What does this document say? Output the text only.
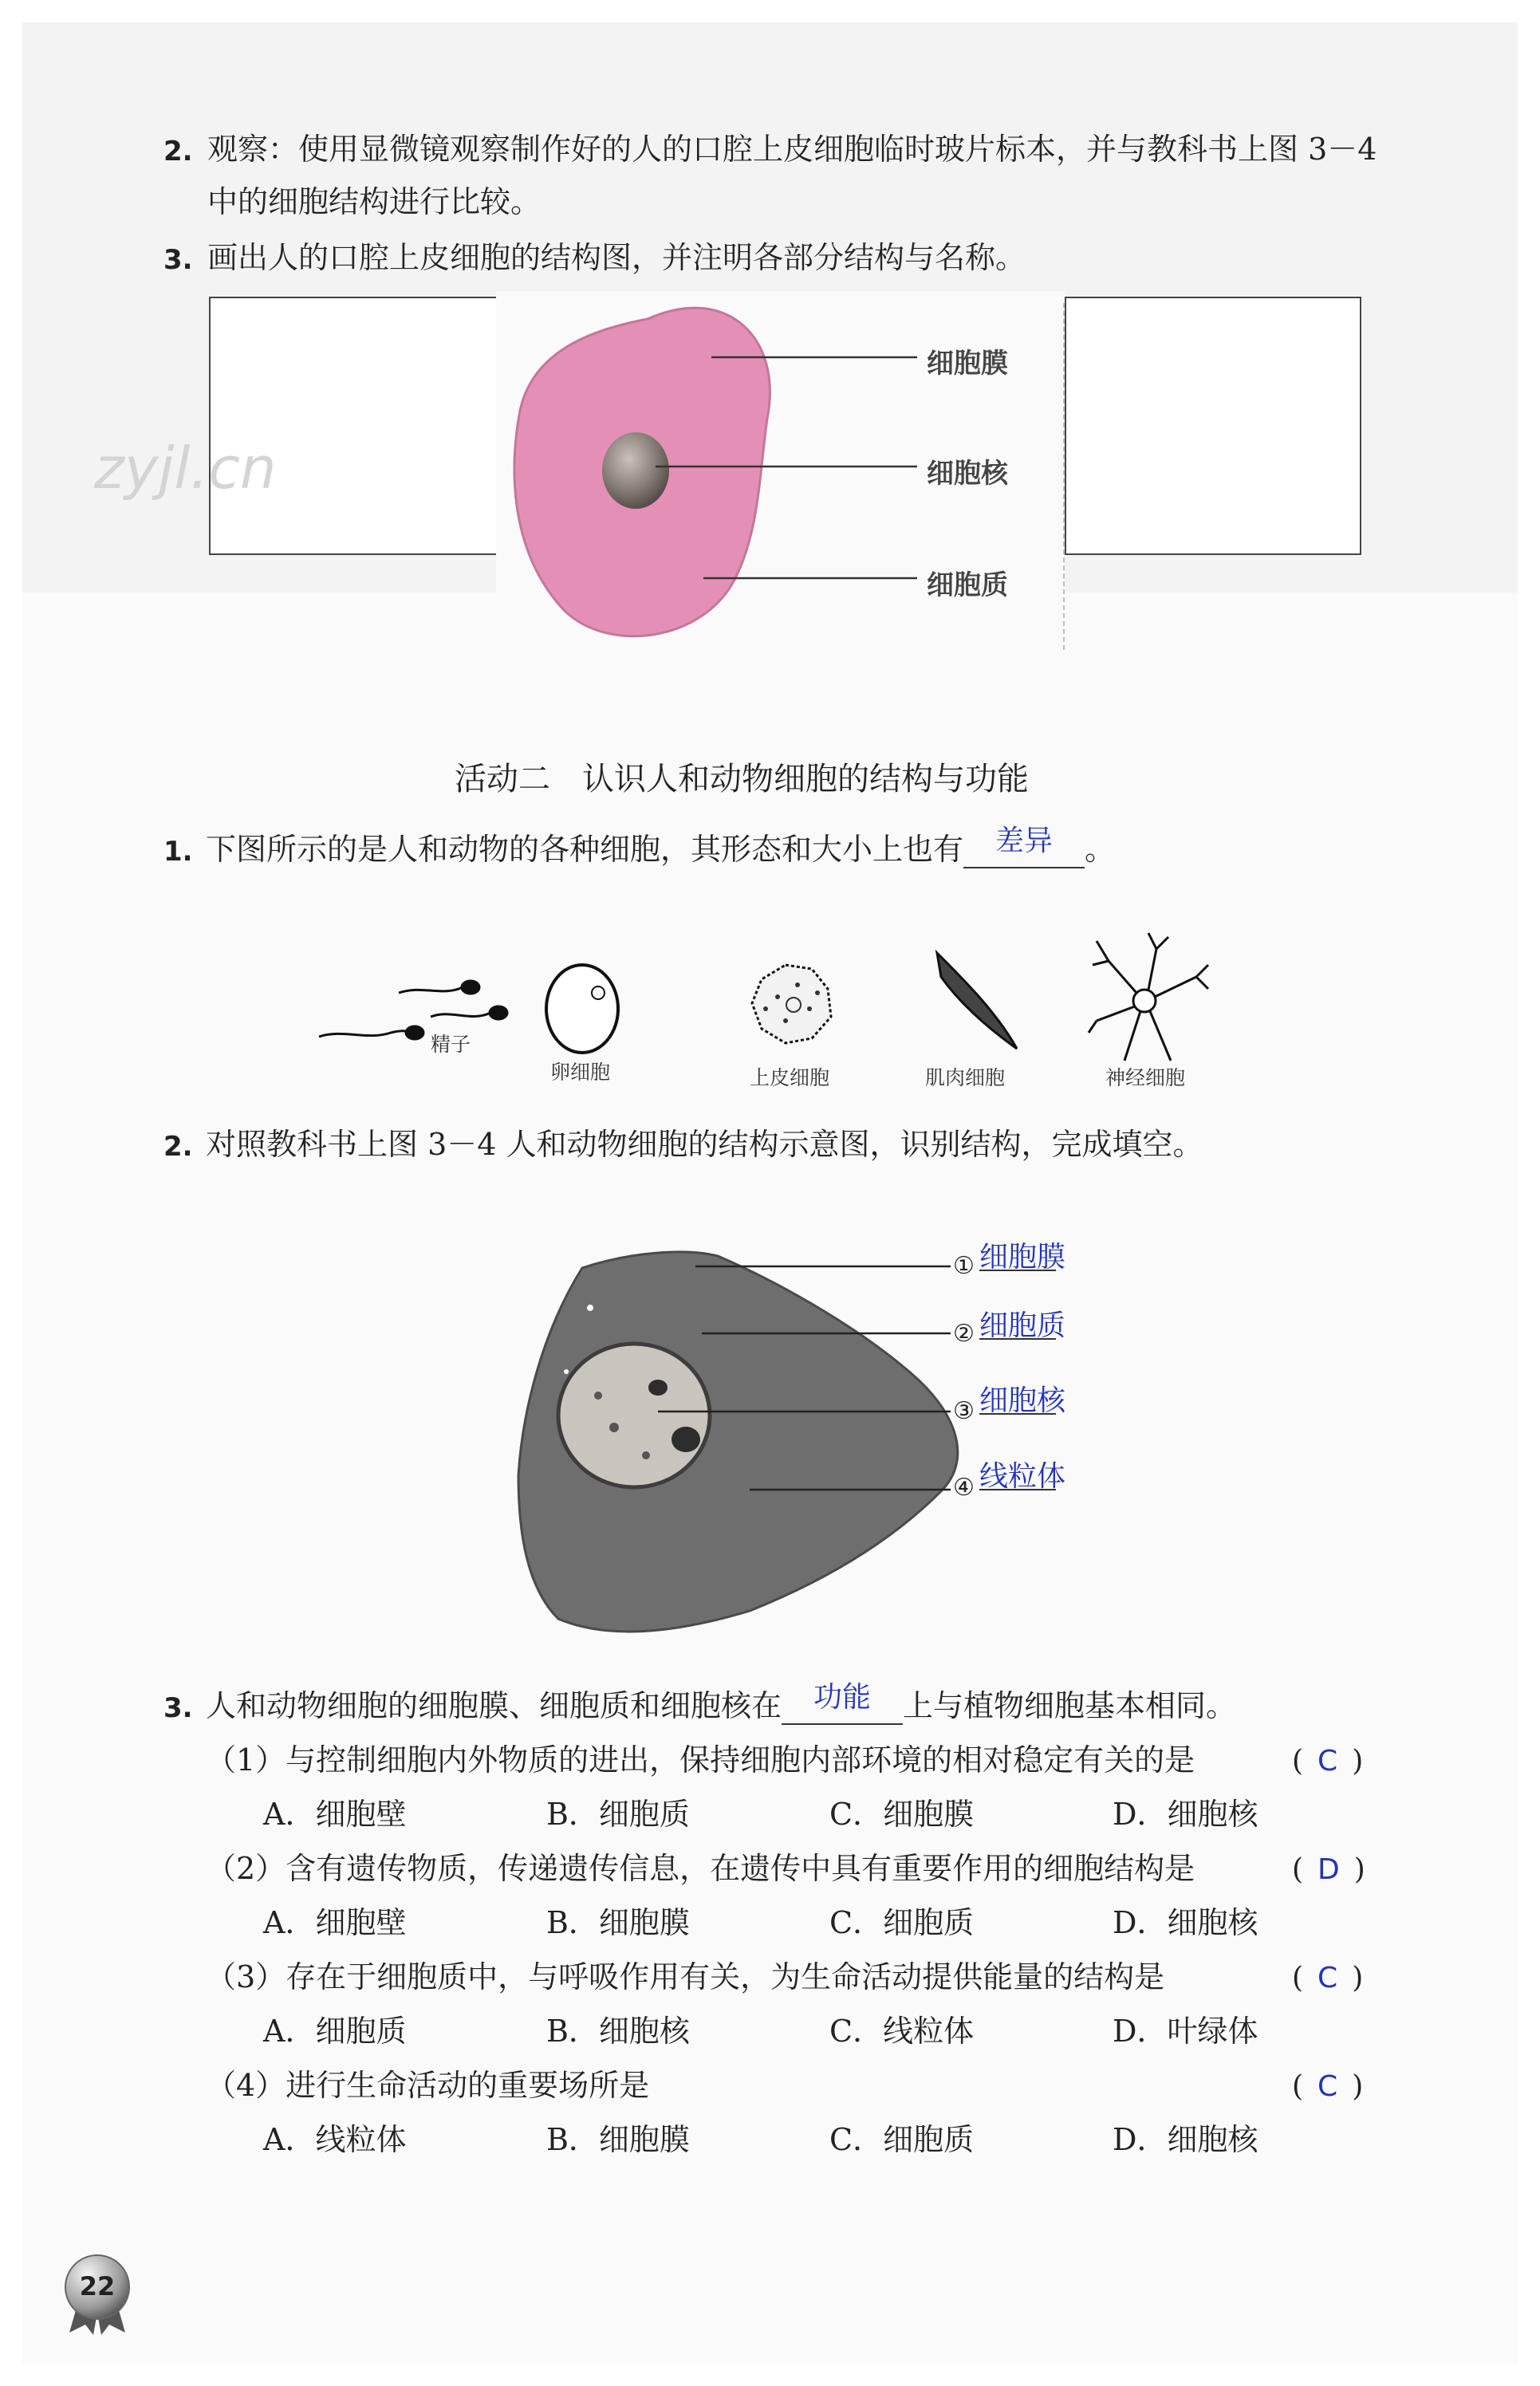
2. 观察：使用显微镜观察制作好的人的口腔上皮细胞临时玻片标本，并与教科书上图 3－4
中的细胞结构进行比较。
3. 画出人的口腔上皮细胞的结构图，并注明各部分结构与名称。
细胞膜
细胞核
细胞质
zyjl.cn
活动二　认识人和动物细胞的结构与功能
1. 下图所示的是人和动物的各种细胞，其形态和大小上也有 差异 。
精子
卵细胞	上皮细胞	肌肉细胞	神经细胞
2. 对照教科书上图 3－4 人和动物细胞的结构示意图，识别结构，完成填空。
①
②
③
④
细胞膜
细胞质
细胞核
线粒体
3. 人和动物细胞的细胞膜、细胞质和细胞核在 功能 上与植物细胞基本相同。
（1）与控制细胞内外物质的进出，保持细胞内部环境的相对稳定有关的是	( C )
A．细胞壁	B．细胞质	C．细胞膜	D．细胞核
（2）含有遗传物质，传递遗传信息，在遗传中具有重要作用的细胞结构是	( D )
A．细胞壁	B．细胞膜	C．细胞质	D．细胞核
（3）存在于细胞质中，与呼吸作用有关，为生命活动提供能量的结构是	( C )
A．细胞质	B．细胞核	C．线粒体	D．叶绿体
（4）进行生命活动的重要场所是	( C )
A．线粒体	B．细胞膜	C．细胞质	D．细胞核
22
